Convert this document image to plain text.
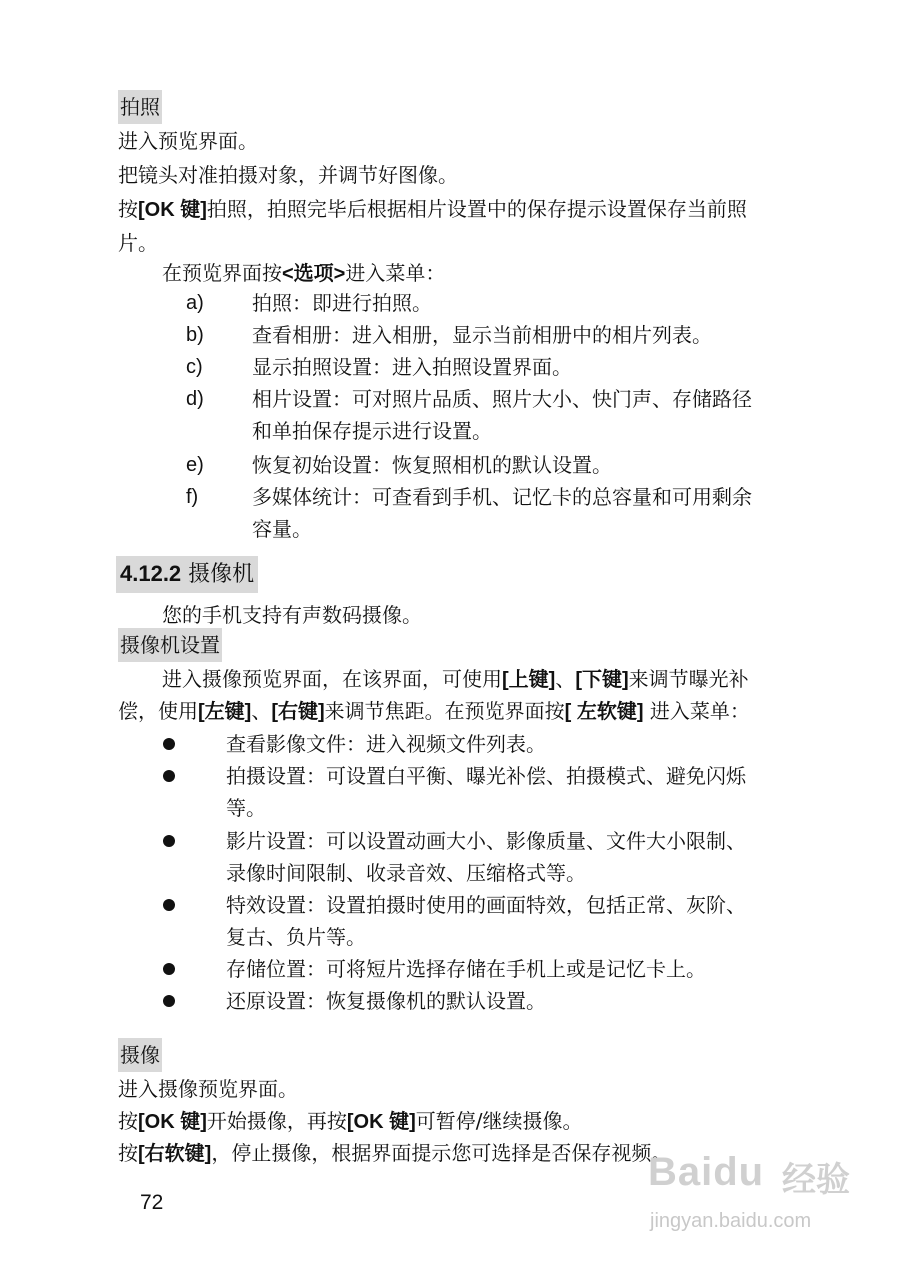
拍照
进入预览界面。
把镜头对准拍摄对象，并调节好图像。
按[OK 键]拍照，拍照完毕后根据相片设置中的保存提示设置保存当前照
片。
在预览界面按<选项>进入菜单：
a) 拍照：即进行拍照。
b) 查看相册：进入相册，显示当前相册中的相片列表。
c) 显示拍照设置：进入拍照设置界面。
d) 相片设置：可对照片品质、照片大小、快门声、存储路径
和单拍保存提示进行设置。
e) 恢复初始设置：恢复照相机的默认设置。
f)	多媒体统计：可查看到手机、记忆卡的总容量和可用剩余
容量。
4.12.2 摄像机
您的手机支持有声数码摄像。
摄像机设置
进入摄像预览界面，在该界面，可使用[上键]、[下键]来调节曝光补
偿，使用[左键]、[右键]来调节焦距。在预览界面按[ 左软键] 进入菜单：
查看影像文件：进入视频文件列表。
拍摄设置：可设置白平衡、曝光补偿、拍摄模式、避免闪烁
等。
影片设置：可以设置动画大小、影像质量、文件大小限制、
录像时间限制、收录音效、压缩格式等。
特效设置：设置拍摄时使用的画面特效，包括正常、灰阶、
复古、负片等。
存储位置：可将短片选择存储在手机上或是记忆卡上。
还原设置：恢复摄像机的默认设置。
摄像
进入摄像预览界面。
按[OK 键]开始摄像，再按[OK 键]可暂停/继续摄像。
按[右软键]，停止摄像，根据界面提示您可选择是否保存视频。
72
Baidu 经验
jingyan.baidu.com
